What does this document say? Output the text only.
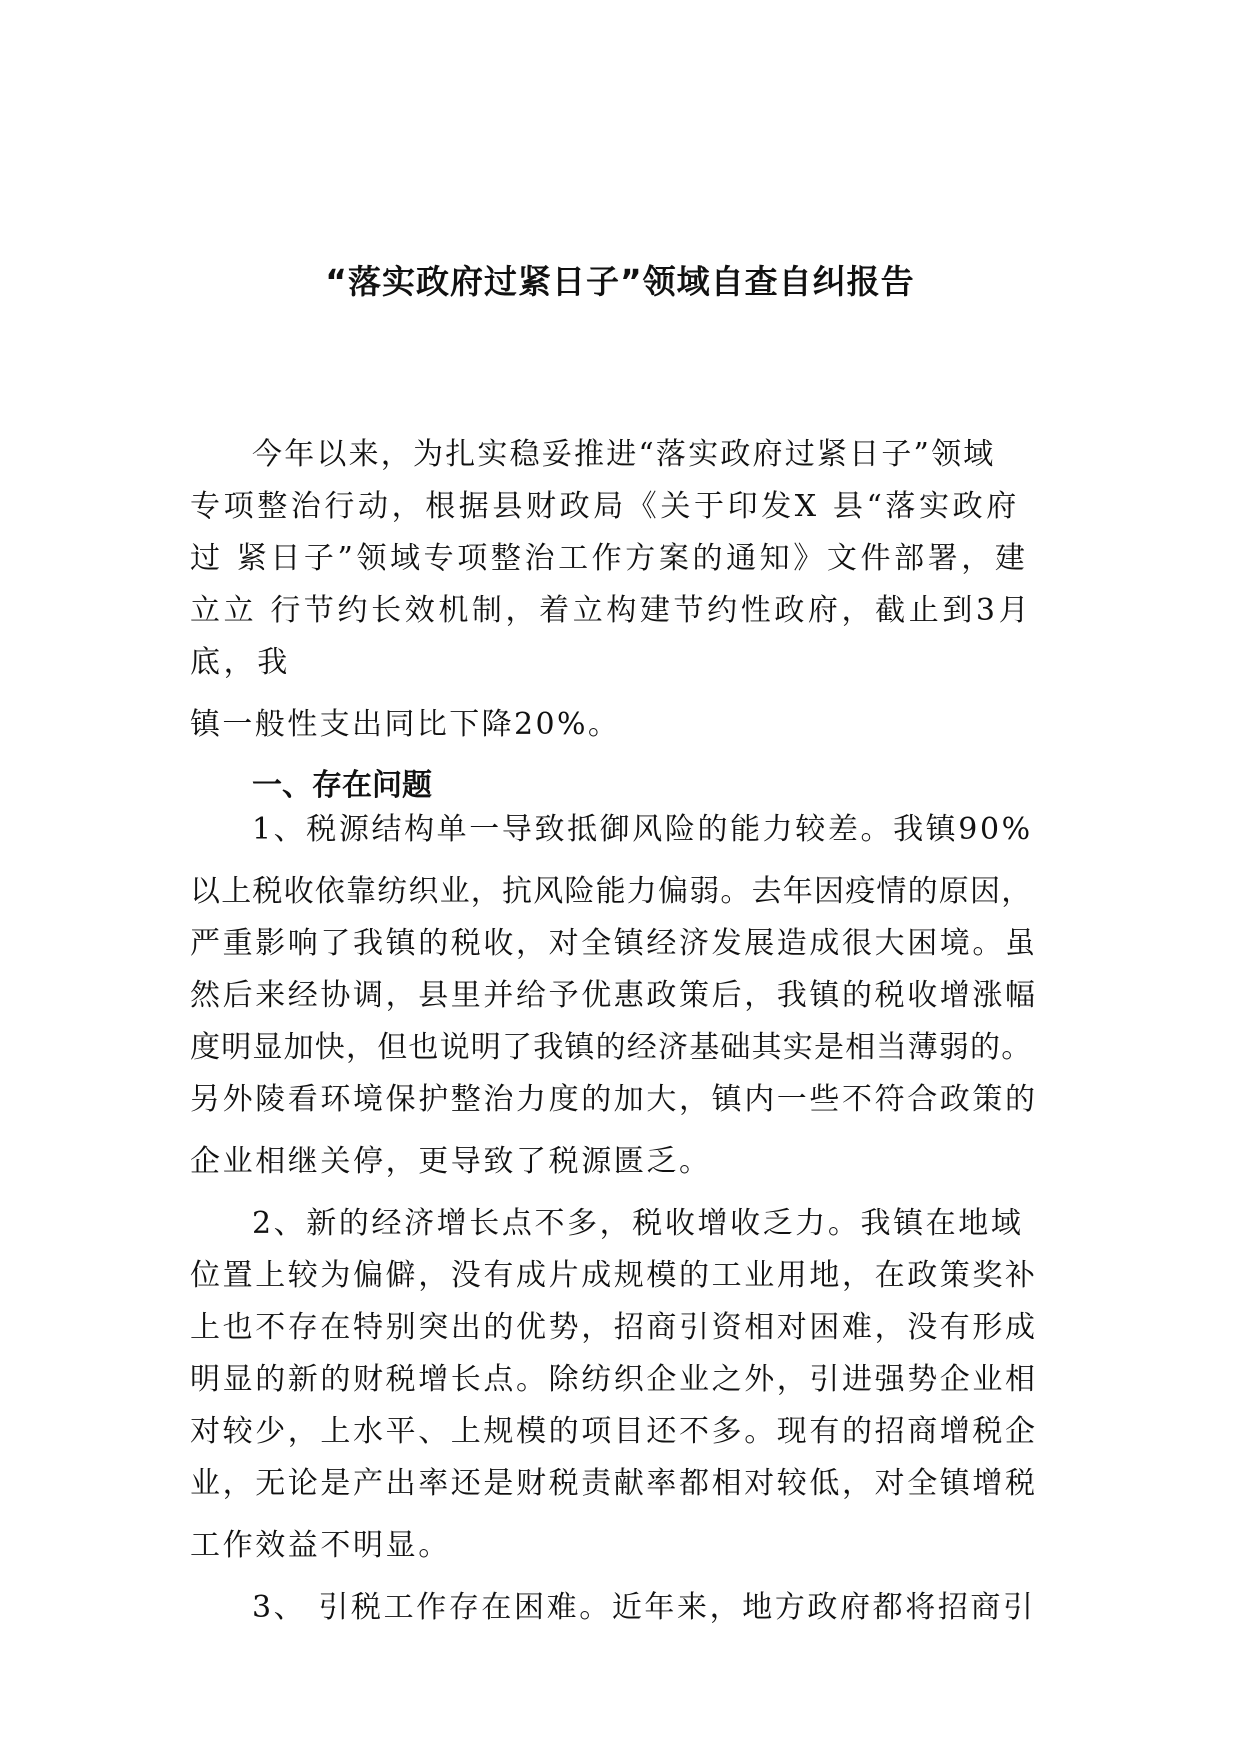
“落实政府过紧日子”领域自查自纠报告
今年以来，为扎实稳妥推进“落实政府过紧日子”领域
专项整治行动，根据县财政局《关于印发X 县“落实政府
过 紧日子”领域专项整治工作方案的通知》文件部署，建
立立 行节约长效机制，着立构建节约性政府，截止到3月
底，我
镇一般性支出同比下降20%。
一、存在问题
1、税源结构单一导致抵御风险的能力较差。我镇90%
以上税收依靠纺织业，抗风险能力偏弱。去年因疫情的原因，
严重影响了我镇的税收，对全镇经济发展造成很大困境。虽
然后来经协调，县里并给予优惠政策后，我镇的税收增涨幅
度明显加快，但也说明了我镇的经济基础其实是相当薄弱的。
另外陵看环境保护整治力度的加大，镇内一些不符合政策的
企业相继关停，更导致了税源匮乏。
2、新的经济增长点不多，税收增收乏力。我镇在地域
位置上较为偏僻，没有成片成规模的工业用地，在政策奖补
上也不存在特别突出的优势，招商引资相对困难，没有形成
明显的新的财税增长点。除纺织企业之外，引进强势企业相
对较少，上水平、上规模的项目还不多。现有的招商增税企
业，无论是产出率还是财税责献率都相对较低，对全镇增税
工作效益不明显。
3、 引税工作存在困难。近年来，地方政府都将招商引
